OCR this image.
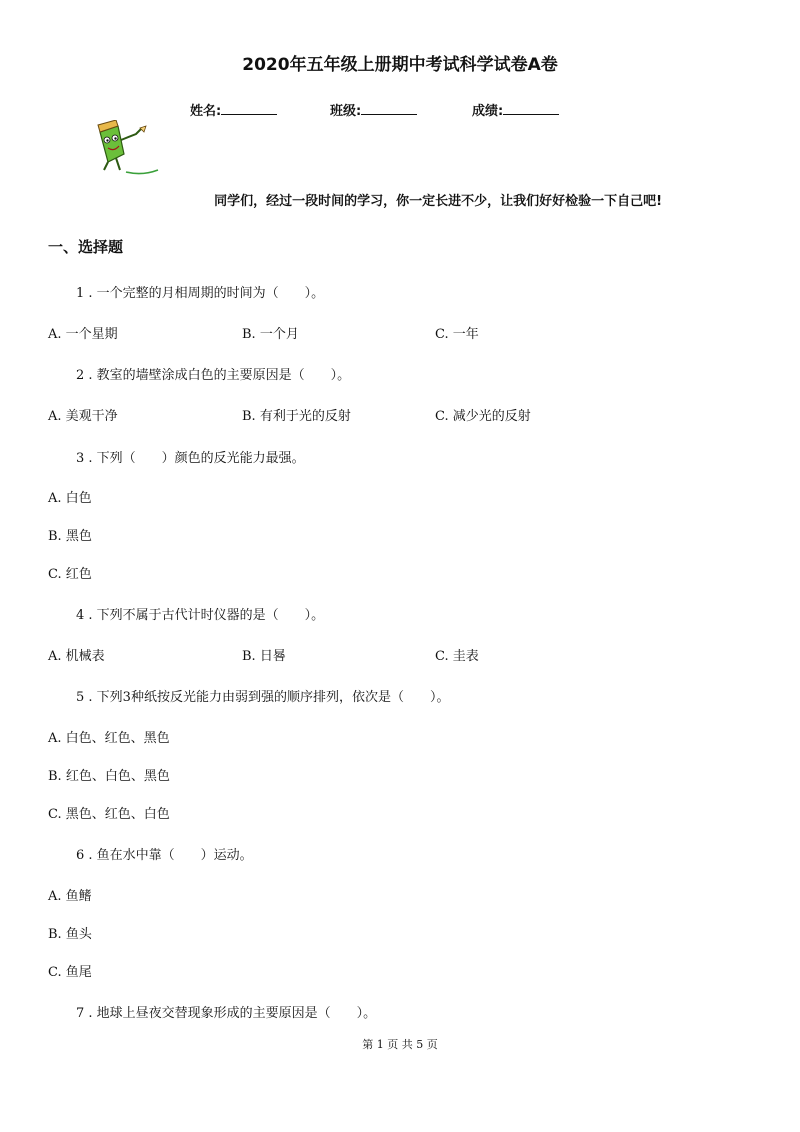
2020年五年级上册期中考试科学试卷A卷
姓名:	班级:	成绩:
同学们，经过一段时间的学习，你一定长进不少，让我们好好检验一下自己吧!
一、选择题
1 . 一个完整的月相周期的时间为（　　）。
A. 一个星期	B. 一个月	C. 一年
2 . 教室的墙壁涂成白色的主要原因是（　　）。
A. 美观干净	B. 有利于光的反射	C. 减少光的反射
3 . 下列（　　）颜色的反光能力最强。
A. 白色
B. 黑色
C. 红色
4 . 下列不属于古代计时仪器的是（　　）。
A. 机械表	B. 日晷	C. 圭表
5 . 下列3种纸按反光能力由弱到强的顺序排列，依次是（　　）。
A. 白色、红色、黑色
B. 红色、白色、黑色
C. 黑色、红色、白色
6 . 鱼在水中靠（　　）运动。
A. 鱼鳍
B. 鱼头
C. 鱼尾
7 . 地球上昼夜交替现象形成的主要原因是（　　）。
第 1 页 共 5 页
